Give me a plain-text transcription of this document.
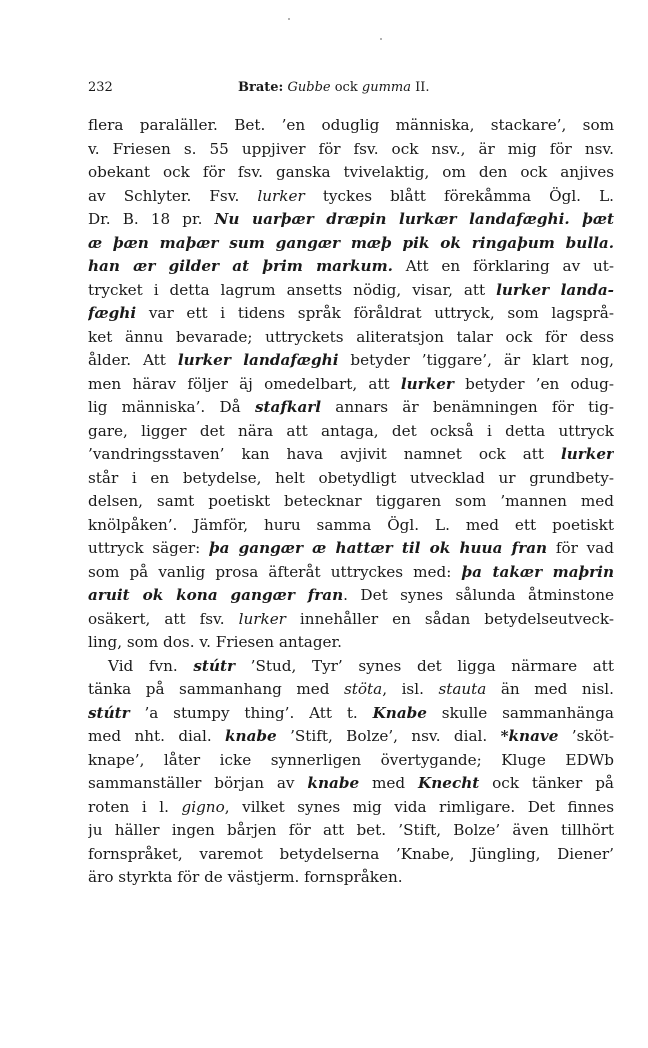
232	Brate: Gubbe ock gumma II.
flera paraläller. Bet. ’en oduglig människa, stackare’, som
v. Friesen s. 55 uppjiver för fsv. ock nsv., är mig för nsv.
obekant ock för fsv. ganska tvivelaktig, om den ock anjives
av Schlyter. Fsv. lurker tyckes blått förekåmma Ögl. L.
Dr. B. 18 pr. Nu uarþær dræpin lurkær landafæghi. þæt
æ þæn maþær sum gangær mæþ pik ok ringaþum bulla.
han ær gilder at þrim markum. Att en förklaring av ut-
trycket i detta lagrum ansetts nödig, visar, att lurker landa-
fæghi var ett i tidens språk föråldrat uttryck, som lagsprå-
ket ännu bevarade; uttryckets aliteratsjon talar ock för dess
ålder. Att lurker landafæghi betyder ’tiggare’, är klart nog,
men härav följer äj omedelbart, att lurker betyder ’en odug-
lig människa’. Då stafkarl annars är benämningen för tig-
gare, ligger det nära att antaga, det också i detta uttryck
’vandringsstaven’ kan hava avjivit namnet ock att lurker
står i en betydelse, helt obetydligt utvecklad ur grundbety-
delsen, samt poetiskt betecknar tiggaren som ’mannen med
knölpåken’. Jämför, huru samma Ögl. L. med ett poetiskt
uttryck säger: þa gangær æ hattær til ok huua fran för vad
som på vanlig prosa äfteråt uttryckes med: þa takær maþrin
aruit ok kona gangær fran. Det synes sålunda åtminstone
osäkert, att fsv. lurker innehåller en sådan betydelseutveck-
ling, som dos. v. Friesen antager.
Vid fvn. stútr ’Stud, Tyr’ synes det ligga närmare att
tänka på sammanhang med stöta, isl. stauta än med nisl.
stútr ’a stumpy thing’. Att t. Knabe skulle sammanhänga
med nht. dial. knabe ’Stift, Bolze’, nsv. dial. *knave ’sköt-
knape’, låter icke synnerligen övertygande; Kluge EDWb
sammanställer början av knabe med Knecht ock tänker på
roten i l. gigno, vilket synes mig vida rimligare. Det finnes
ju häller ingen bårjen för att bet. ’Stift, Bolze’ även tillhört
fornspråket, varemot betydelserna ’Knabe, Jüngling, Diener’
äro styrkta för de västjerm. fornspråken.
